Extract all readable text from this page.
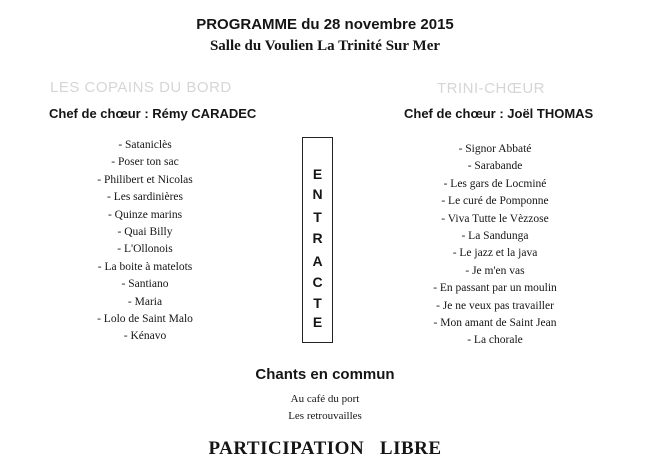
PROGRAMME du 28 novembre 2015
Salle du Voulien La Trinité Sur Mer
LES COPAINS DU BORD	TRINI-CHŒUR
Chef de chœur : Rémy CARADEC	Chef de chœur : Joël THOMAS
- Sataniclès
- Poser ton sac
- Philibert et Nicolas
- Les sardinières
- Quinze marins
- Quai Billy
- L'Ollonois
- La boite à matelots
- Santiano
- Maria
- Lolo de Saint Malo
- Kénavo
E
N
T
R
A
C
T
E
- Signor Abbaté
- Sarabande
- Les gars de Locminé
- Le curé de Pomponne
- Viva Tutte le Vèzzose
- La Sandunga
- Le jazz et la java
- Je m'en vas
- En passant par un moulin
- Je ne veux pas travailler
- Mon amant de Saint Jean
- La chorale
Chants en commun
Au café du port
Les retrouvailles
PARTICIPATION   LIBRE
